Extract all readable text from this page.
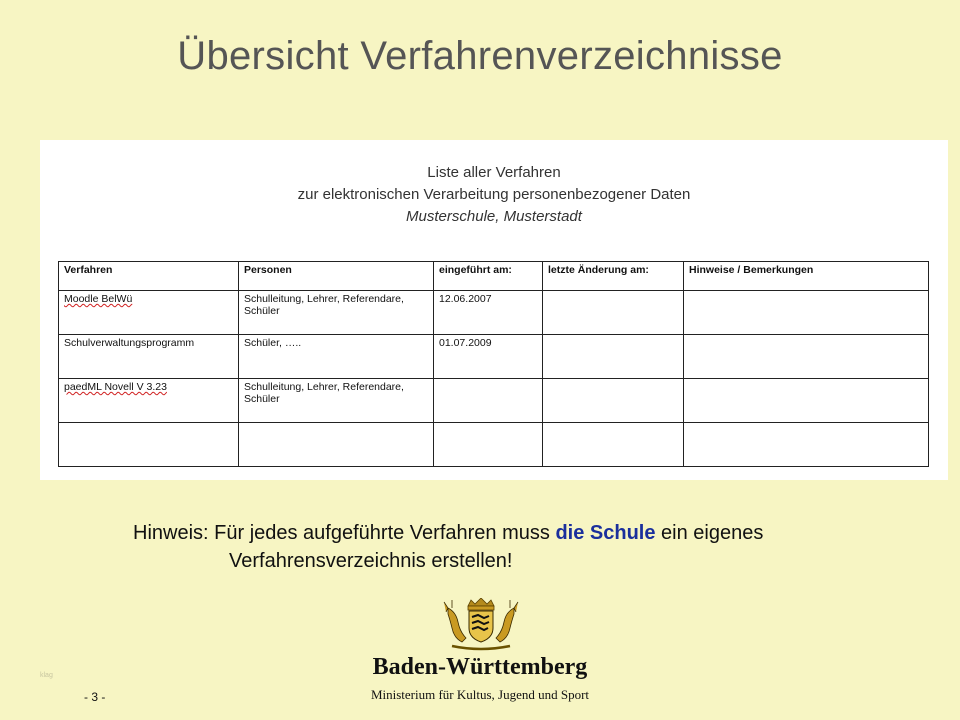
Übersicht Verfahrenverzeichnisse
Liste aller Verfahren
zur elektronischen Verarbeitung personenbezogener Daten
Musterschule, Musterstadt
Verfahren	Personen	eingeführt am:	letzte Änderung am:	Hinweise / Bemerkungen
Moodle BelWü	Schulleitung, Lehrer, Referendare, Schüler	12.06.2007		
Schulverwaltungsprogramm	Schüler, …..	01.07.2009		
paedML Novell V 3.23	Schulleitung, Lehrer, Referendare, Schüler			

Hinweis: Für jedes aufgeführte Verfahren muss die Schule ein eigenes
Verfahrensverzeichnis erstellen!
klag	Baden-Württemberg
Ministerium für Kultus, Jugend und Sport
- 3 -
